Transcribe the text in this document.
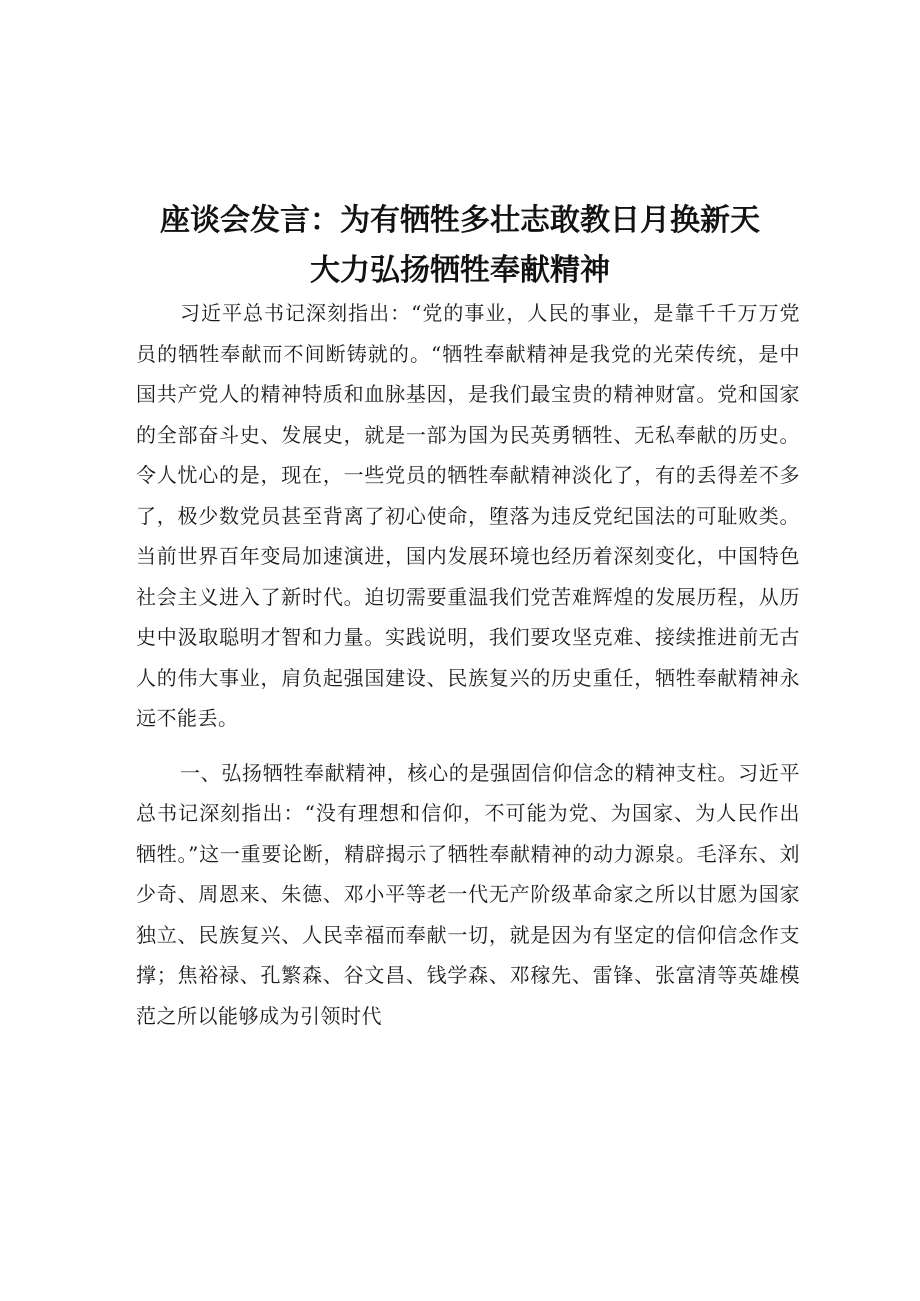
座谈会发言：为有牺牲多壮志敢教日月换新天
大力弘扬牺牲奉献精神

习近平总书记深刻指出：“党的事业，人民的事业，是靠千千万万党员的牺牲奉献而不间断铸就的。“牺牲奉献精神是我党的光荣传统，是中国共产党人的精神特质和血脉基因，是我们最宝贵的精神财富。党和国家的全部奋斗史、发展史，就是一部为国为民英勇牺牲、无私奉献的历史。令人忧心的是，现在，一些党员的牺牲奉献精神淡化了，有的丢得差不多了，极少数党员甚至背离了初心使命，堕落为违反党纪国法的可耻败类。当前世界百年变局加速演进，国内发展环境也经历着深刻变化，中国特色社会主义进入了新时代。迫切需要重温我们党苦难辉煌的发展历程，从历史中汲取聪明才智和力量。实践说明，我们要攻坚克难、接续推进前无古人的伟大事业，肩负起强国建设、民族复兴的历史重任，牺牲奉献精神永远不能丢。

一、弘扬牺牲奉献精神，核心的是强固信仰信念的精神支柱。习近平总书记深刻指出：“没有理想和信仰，不可能为党、为国家、为人民作出牺牲。”这一重要论断，精辟揭示了牺牲奉献精神的动力源泉。毛泽东、刘少奇、周恩来、朱德、邓小平等老一代无产阶级革命家之所以甘愿为国家独立、民族复兴、人民幸福而奉献一切，就是因为有坚定的信仰信念作支撑；焦裕禄、孔繁森、谷文昌、钱学森、邓稼先、雷锋、张富清等英雄模范之所以能够成为引领时代
